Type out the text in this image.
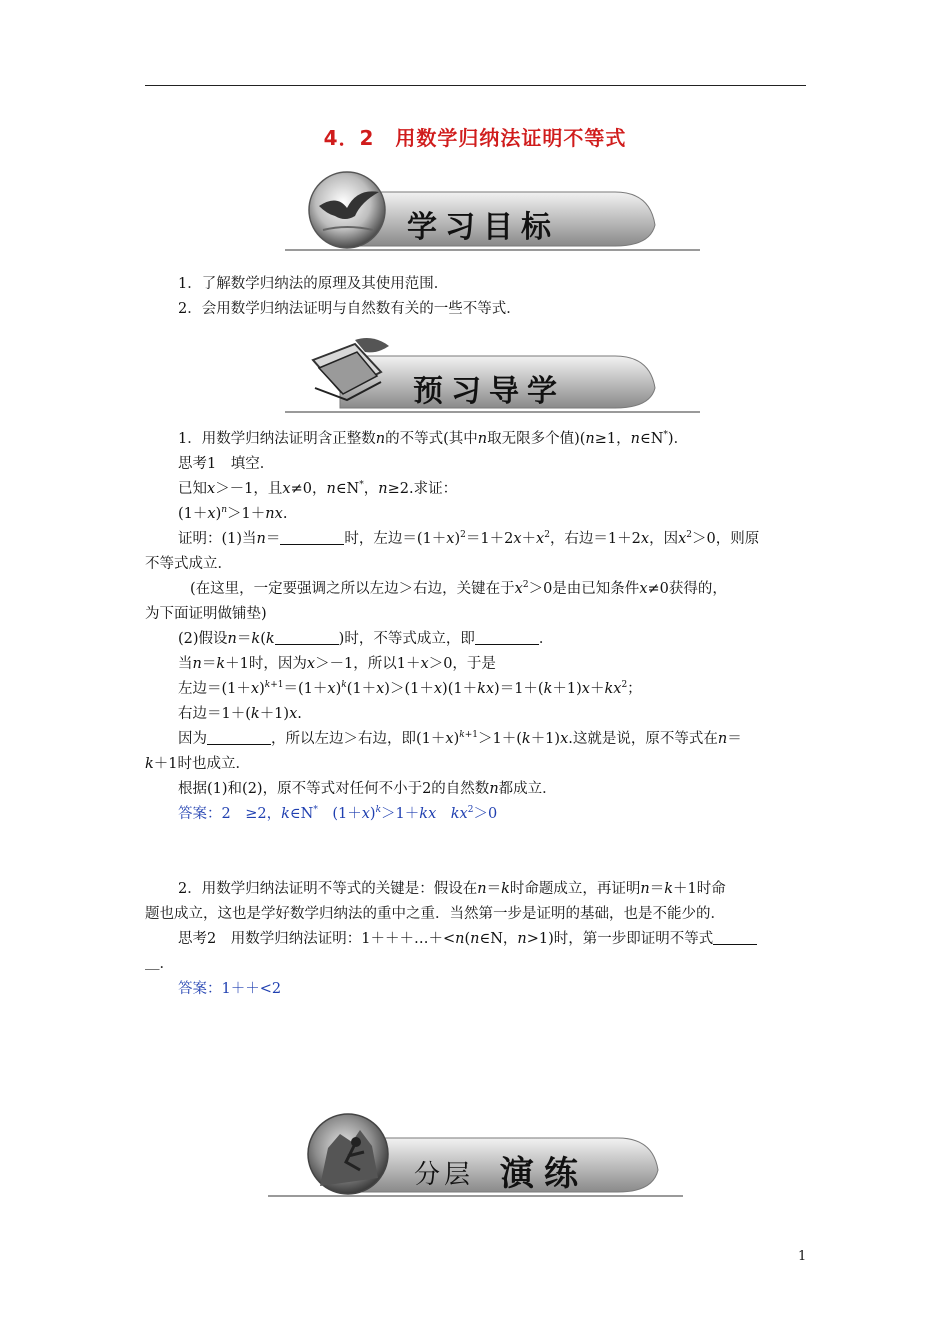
4．2　用数学归纳法证明不等式
学习目标
1．了解数学归纳法的原理及其使用范围．
2．会用数学归纳法证明与自然数有关的一些不等式．
预习导学
1．用数学归纳法证明含正整数n的不等式(其中n取无限多个值)(n≥1，n∈N*)．
思考1　填空．
已知x＞－1，且x≠0，n∈N*，n≥2.求证：
$(1+x)^n>1+nx$.
证明：(1)当n＝	时，左边$=(1+x)^2=1+2x+x^2$，右边＝1＋2x，因$x^2>0$，则原
不等式成立．
(在这里，一定要强调之所以左边＞右边，关键在于$x^2>0$是由已知条件x≠0获得的，
为下面证明做铺垫)
(2)假设n＝k(k	)时，不等式成立，即	．
当n＝k＋1时，因为x＞－1，所以1＋x＞0，于是
左边$=(1+x)^{k+1}=(1+x)^k(1+x)>(1+x)(1+kx)=1+(k+1)x+kx^2$；
右边＝1＋(k＋1)x.
因为	，所以左边＞右边，即$(1+x)^{k+1}>1+(k+1)x$.这就是说，原不等式在n＝
k＋1时也成立．
根据(1)和(2)，原不等式对任何不小于2的自然数n都成立．
答案：2　≥2，k∈N*　$(1+x)^k>1+kx$　 $kx^2>0$
2．用数学归纳法证明不等式的关键是：假设在n＝k时命题成立，再证明n＝k＋1时命
题也成立，这也是学好数学归纳法的重中之重．当然第一步是证明的基础，也是不能少的．
思考2　用数学归纳法证明：1＋＋＋…＋<n(n∈N，n>1)时，第一步即证明不等式
＿．
答案：1＋＋<2
分层 演练
1
